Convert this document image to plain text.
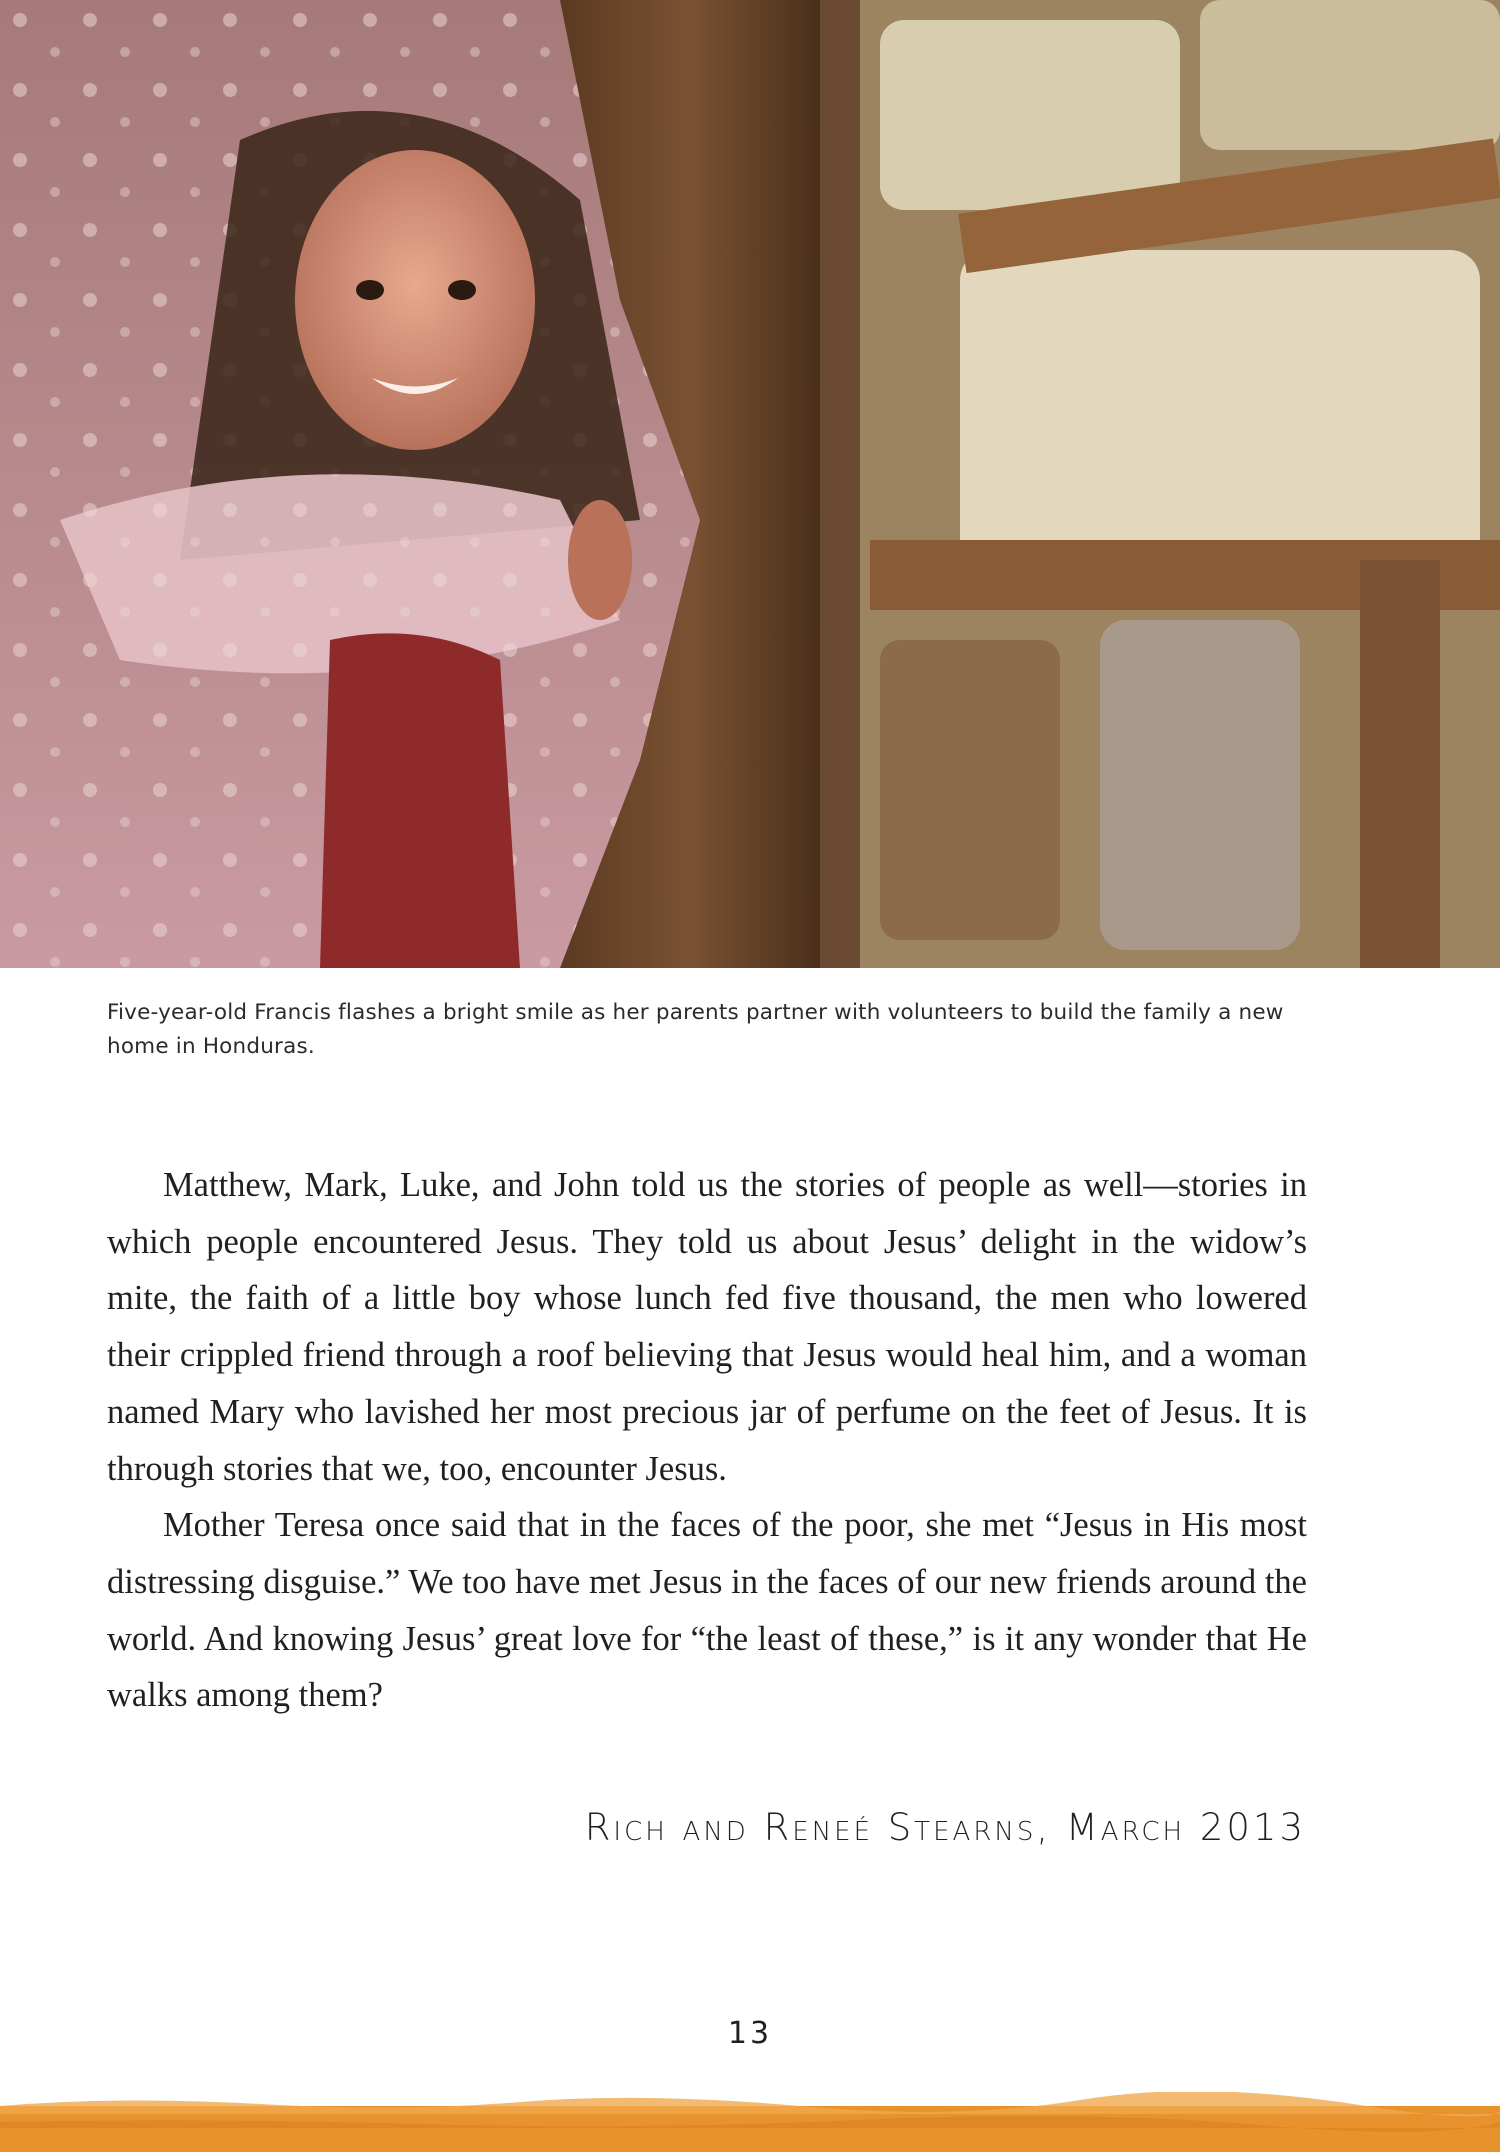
Five-year-old Francis flashes a bright smile as her parents partner with volunteers to build the family a new home in Honduras.

Matthew, Mark, Luke, and John told us the stories of people as well—stories in which people encountered Jesus. They told us about Jesus’ delight in the widow’s mite, the faith of a little boy whose lunch fed five thousand, the men who lowered their crippled friend through a roof believing that Jesus would heal him, and a woman named Mary who lavished her most precious jar of perfume on the feet of Jesus. It is through stories that we, too, encounter Jesus.

Mother Teresa once said that in the faces of the poor, she met “Jesus in His most distressing disguise.” We too have met Jesus in the faces of our new friends around the world. And knowing Jesus’ great love for “the least of these,” is it any wonder that He walks among them?

Rich and Reneé Stearns, March 2013

13
